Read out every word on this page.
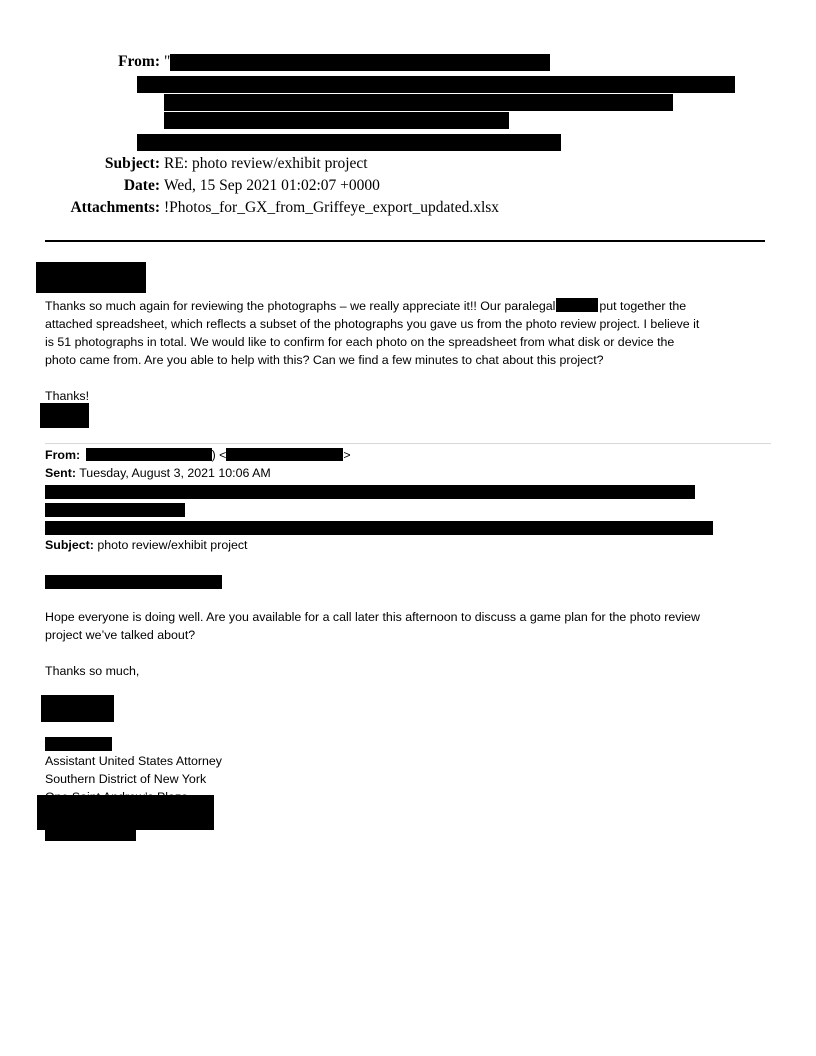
From: "
Subject: RE: photo review/exhibit project
Date: Wed, 15 Sep 2021 01:02:07 +0000
Attachments: !Photos_for_GX_from_Griffeye_export_updated.xlsx
Thanks so much again for reviewing the photographs – we really appreciate it!! Our paralegal	put together the
attached spreadsheet, which reflects a subset of the photographs you gave us from the photo review project. I believe it
is 51 photographs in total. We would like to confirm for each photo on the spreadsheet from what disk or device the
photo came from. Are you able to help with this? Can we find a few minutes to chat about this project?
Thanks!
From:	) <	>
Sent: Tuesday, August 3, 2021 10:06 AM
Subject: photo review/exhibit project
Hope everyone is doing well. Are you available for a call later this afternoon to discuss a game plan for the photo review
project we’ve talked about?
Thanks so much,
Assistant United States Attorney
Southern District of New York
